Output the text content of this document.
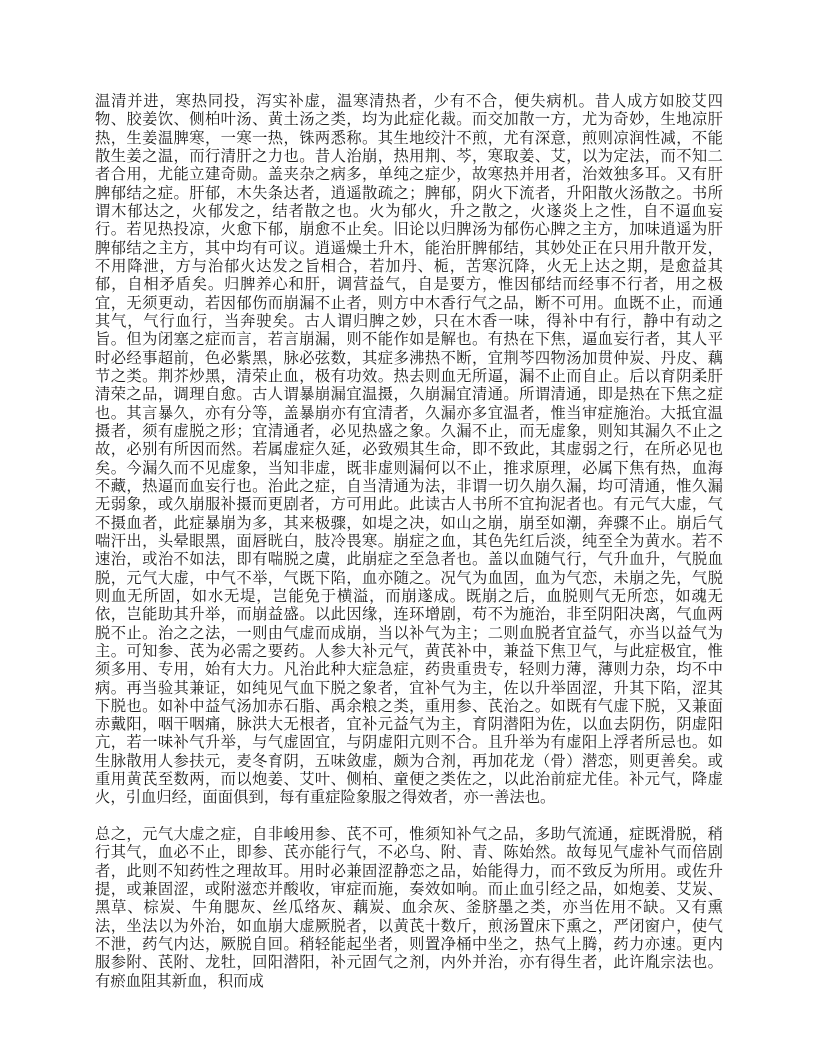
温清并进，寒热同投，泻实补虚，温寒清热者，少有不合，便失病机。昔人成方如胶艾四物、胶姜饮、侧柏叶汤、黄土汤之类，均为此症化裁。而交加散一方，尤为奇妙，生地凉肝热，生姜温脾寒，一寒一热，铢两悉称。其生地绞汁不煎，尤有深意，煎则凉润性减，不能散生姜之温，而行清肝之力也。昔人治崩，热用荆、芩，寒取姜、艾，以为定法，而不知二者合用，尤能立建奇勋。盖夹杂之病多，单纯之症少，故寒热并用者，治效独多耳。又有肝脾郁结之症。肝郁，木失条达者，逍遥散疏之；脾郁，阴火下流者，升阳散火汤散之。书所谓木郁达之，火郁发之，结者散之也。火为郁火，升之散之，火遂炎上之性，自不逼血妄行。若见热投凉，火愈下郁，崩愈不止矣。旧论以归脾汤为郁伤心脾之主方，加味逍遥为肝脾郁结之主方，其中均有可议。逍遥燥土升木，能治肝脾郁结，其妙处正在只用升散开发，不用降泄，方与治郁火达发之旨相合，若加丹、栀，苦寒沉降，火无上达之期，是愈益其郁，自相矛盾矣。归脾养心和肝，调营益气，自是要方，惟因郁结而经事不行者，用之极宜，无须更动，若因郁伤而崩漏不止者，则方中木香行气之品，断不可用。血既不止，而通其气，气行血行，当奔驶矣。古人谓归脾之妙，只在木香一味，得补中有行，静中有动之旨。但为闭塞之症而言，若言崩漏，则不能作如是解也。有热在下焦，逼血妄行者，其人平时必经事超前，色必紫黑，脉必弦数，其症多沸热不断，宜荆芩四物汤加贯仲炭、丹皮、藕节之类。荆芥炒黑，清荣止血，极有功效。热去则血无所逼，漏不止而自止。后以育阴柔肝清荣之品，调理自愈。古人谓暴崩漏宜温摄，久崩漏宜清通。所谓清通，即是热在下焦之症也。其言暴久，亦有分等，盖暴崩亦有宜清者，久漏亦多宜温者，惟当审症施治。大抵宜温摄者，须有虚脱之形；宜清通者，必见热盛之象。久漏不止，而无虚象，则知其漏久不止之故，必别有所因而然。若属虚症久延，必致殒其生命，即不致此，其虚弱之行，在所必见也矣。今漏久而不见虚象，当知非虚，既非虚则漏何以不止，推求原理，必属下焦有热，血海不藏，热逼而血妄行也。治此之症，自当清通为法，非谓一切久崩久漏，均可清通，惟久漏无弱象，或久崩服补摄而更剧者，方可用此。此读古人书所不宜拘泥者也。有元气大虚，气不摄血者，此症暴崩为多，其来极骤，如堤之决，如山之崩，崩至如潮，奔骤不止。崩后气喘汗出，头晕眼黑，面唇晄白，肢冷畏寒。崩症之血，其色先红后淡，纯至全为黄水。若不速治，或治不如法，即有喘脱之虞，此崩症之至急者也。盖以血随气行，气升血升，气脱血脱，元气大虚，中气不举，气既下陷，血亦随之。况气为血固，血为气恋，未崩之先，气脱则血无所固，如水无堤，岂能免于横溢，而崩遂成。既崩之后，血脱则气无所恋，如魂无依，岂能助其升举，而崩益盛。以此因缘，连环增剧，苟不为施治，非至阴阳决离，气血两脱不止。治之之法，一则由气虚而成崩，当以补气为主；二则血脱者宜益气，亦当以益气为主。可知参、芪为必需之要药。人参大补元气，黄芪补中，兼益下焦卫气，与此症极宜，惟须多用、专用，始有大力。凡治此种大症急症，药贵重贵专，轻则力薄，薄则力杂，均不中病。再当验其兼证，如纯见气血下脱之象者，宜补气为主，佐以升举固涩，升其下陷，涩其下脱也。如补中益气汤加赤石脂、禹余粮之类，重用参、芪治之。如既有气虚下脱，又兼面赤戴阳，咽干咽痛，脉洪大无根者，宜补元益气为主，育阴潜阳为佐，以血去阴伤，阴虚阳亢，若一味补气升举，与气虚固宜，与阴虚阳亢则不合。且升举为有虚阳上浮者所忌也。如生脉散用人参扶元，麦冬育阴，五味敛虚，颇为合剂，再加花龙（骨）潜恋，则更善矣。或重用黄芪至数两，而以炮姜、艾叶、侧柏、童便之类佐之，以此治前症尤佳。补元气，降虚火，引血归经，面面俱到，每有重症险象服之得效者，亦一善法也。

总之，元气大虚之症，自非峻用参、芪不可，惟须知补气之品，多助气流通，症既滑脱，稍行其气，血必不止，即参、芪亦能行气，不必乌、附、青、陈始然。故每见气虚补气而倍剧者，此则不知药性之理故耳。用时必兼固涩静恋之品，始能得力，而不致反为所用。或佐升提，或兼固涩，或附滋恋并酸收，审症而施，奏效如响。而止血引经之品，如炮姜、艾炭、黑草、棕炭、牛角腮灰、丝瓜络灰、藕炭、血余灰、釜脐墨之类，亦当佐用不缺。又有熏法，坐法以为外治，如血崩大虚厥脱者，以黄芪十数斤，煎汤置床下熏之，严闭窗户，使气不泄，药气内达，厥脱自回。稍轻能起坐者，则置净桶中坐之，热气上腾，药力亦速。更内服参附、芪附、龙牡，回阳潜阳，补元固气之剂，内外并治，亦有得生者，此许胤宗法也。有瘀血阻其新血，积而成
